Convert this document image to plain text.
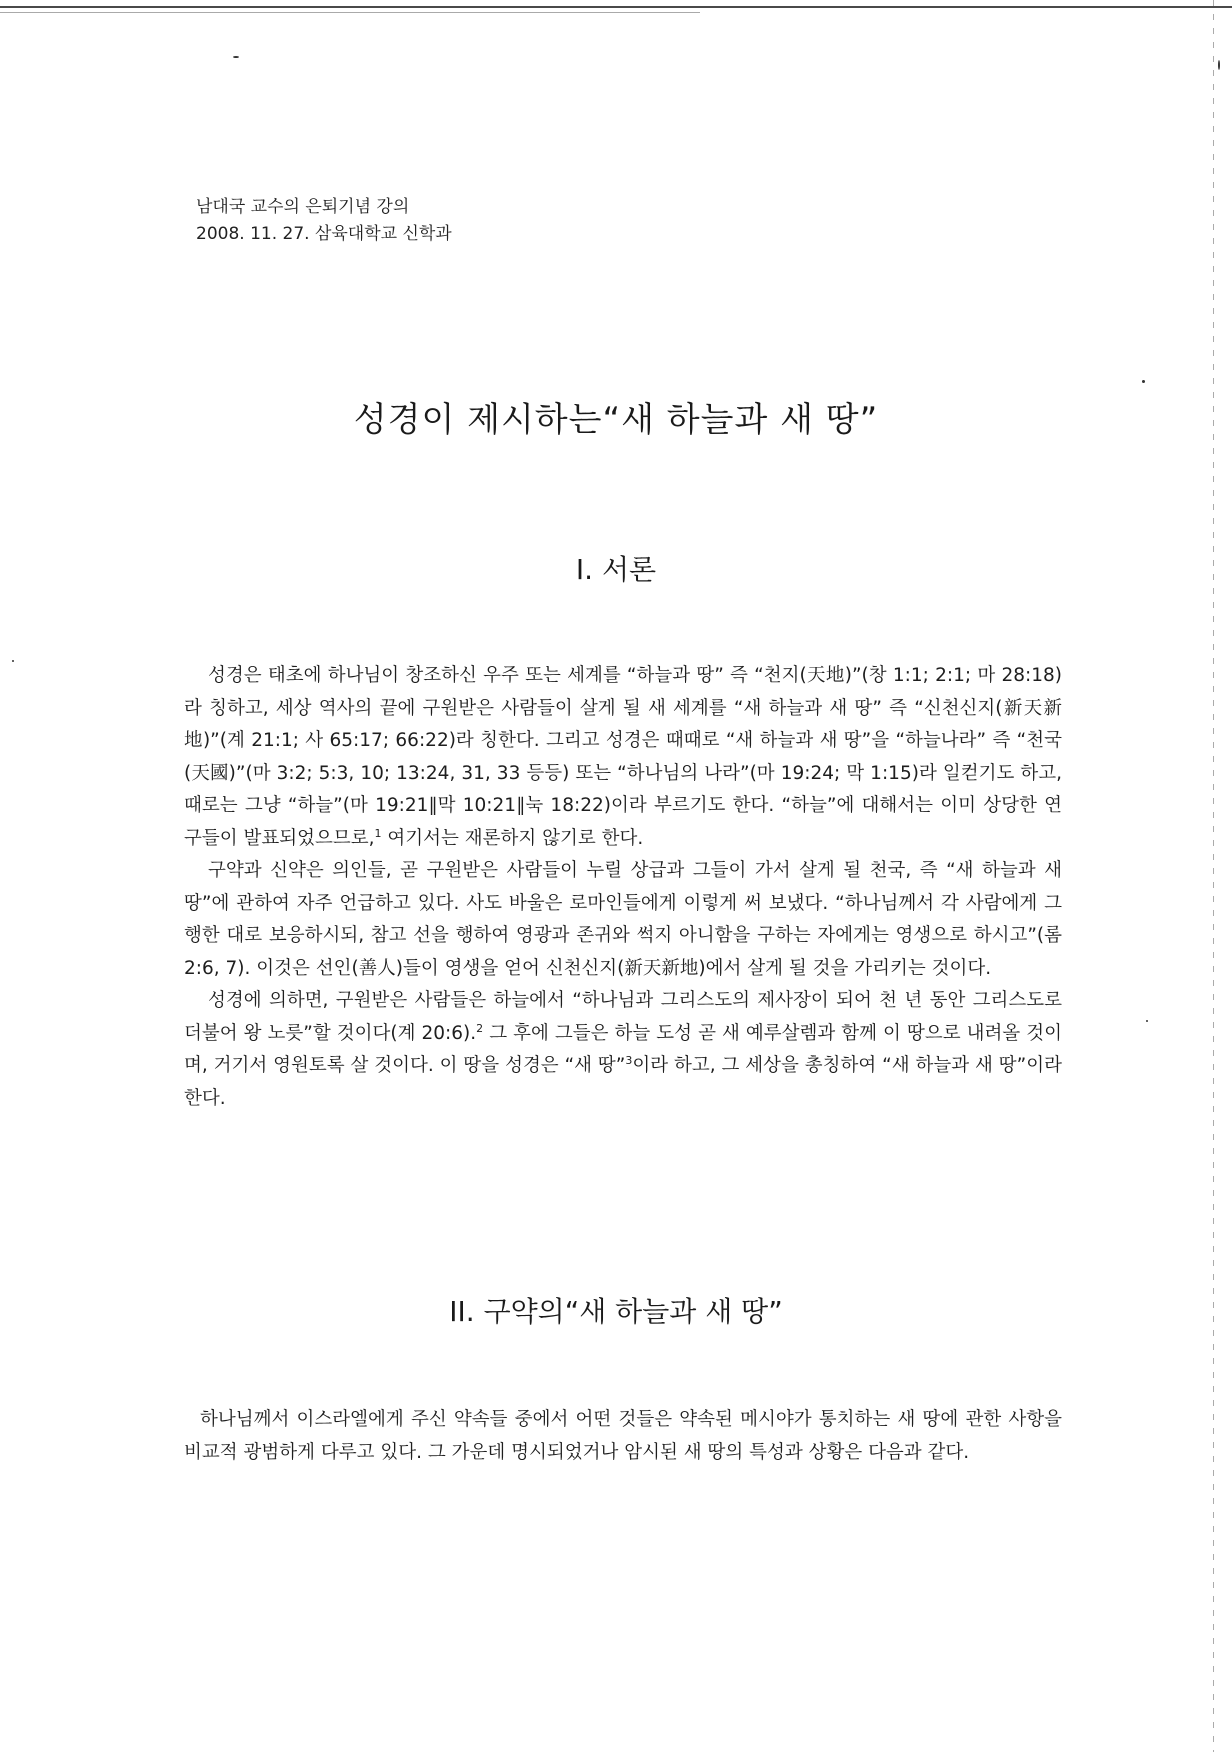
남대국 교수의 은퇴기념 강의
2008. 11. 27. 삼육대학교 신학과
성경이 제시하는“새 하늘과 새 땅”
I. 서론

성경은 태초에 하나님이 창조하신 우주 또는 세계를 “하늘과 땅” 즉 “천지(天地)”(창 1:1; 2:1; 마 28:18)라 칭하고, 세상 역사의 끝에 구원받은 사람들이 살게 될 새 세계를 “새 하늘과 새 땅” 즉 “신천신지(新天新地)”(계 21:1; 사 65:17; 66:22)라 칭한다. 그리고 성경은 때때로 “새 하늘과 새 땅”을 “하늘나라” 즉 “천국(天國)”(마 3:2; 5:3, 10; 13:24, 31, 33 등등) 또는 “하나님의 나라”(마 19:24; 막 1:15)라 일컫기도 하고, 때로는 그냥 “하늘”(마 19:21∥막 10:21∥눅 18:22)이라 부르기도 한다. “하늘”에 대해서는 이미 상당한 연구들이 발표되었으므로,$^1$ 여기서는 재론하지 않기로 한다.

구약과 신약은 의인들, 곧 구원받은 사람들이 누릴 상급과 그들이 가서 살게 될 천국, 즉 “새 하늘과 새 땅”에 관하여 자주 언급하고 있다. 사도 바울은 로마인들에게 이렇게 써 보냈다. “하나님께서 각 사람에게 그 행한 대로 보응하시되, 참고 선을 행하여 영광과 존귀와 썩지 아니함을 구하는 자에게는 영생으로 하시고”(롬 2:6, 7). 이것은 선인(善人)들이 영생을 얻어 신천신지(新天新地)에서 살게 될 것을 가리키는 것이다.

성경에 의하면, 구원받은 사람들은 하늘에서 “하나님과 그리스도의 제사장이 되어 천 년 동안 그리스도로 더불어 왕 노릇”할 것이다(계 20:6).$^2$ 그 후에 그들은 하늘 도성 곧 새 예루살렘과 함께 이 땅으로 내려올 것이며, 거기서 영원토록 살 것이다. 이 땅을 성경은 “새 땅”$^3$이라 하고, 그 세상을 총칭하여 “새 하늘과 새 땅”이라 한다.

II. 구약의“새 하늘과 새 땅”

하나님께서 이스라엘에게 주신 약속들 중에서 어떤 것들은 약속된 메시야가 통치하는 새 땅에 관한 사항을 비교적 광범하게 다루고 있다. 그 가운데 명시되었거나 암시된 새 땅의 특성과 상황은 다음과 같다.
